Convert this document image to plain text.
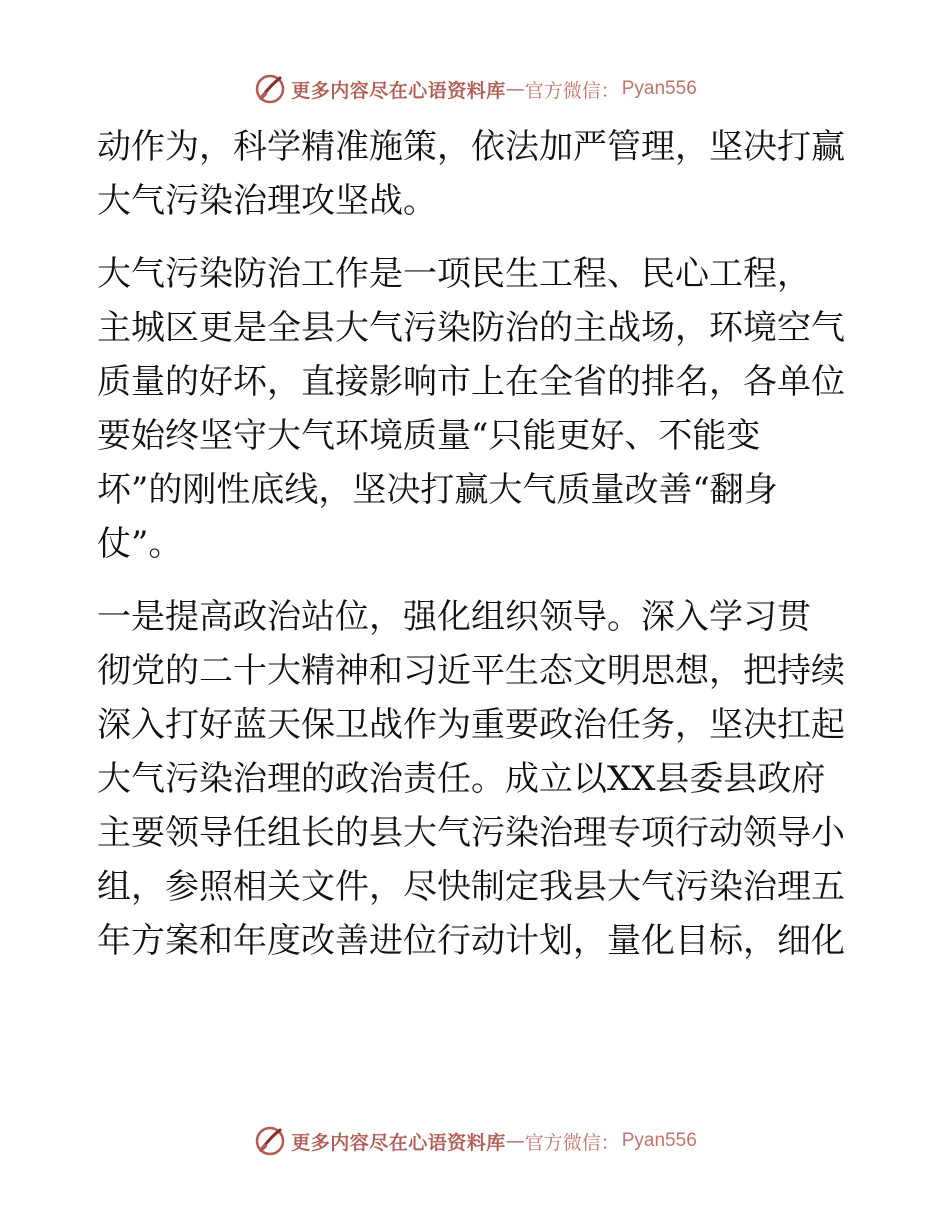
更多内容尽在心语资料库 — 官方微信： Pyan556
动作为，科学精准施策，依法加严管理，坚决打赢
大气污染治理攻坚战。
大气污染防治工作是一项民生工程、民心工程，
主城区更是全县大气污染防治的主战场，环境空气
质量的好坏，直接影响市上在全省的排名，各单位
要始终坚守大气环境质量“只能更好、不能变
坏”的刚性底线，坚决打赢大气质量改善“翻身
仗”。
一是提高政治站位，强化组织领导。深入学习贯
彻党的二十大精神和习近平生态文明思想，把持续
深入打好蓝天保卫战作为重要政治任务，坚决扛起
大气污染治理的政治责任。成立以XX县委县政府
主要领导任组长的县大气污染治理专项行动领导小
组，参照相关文件，尽快制定我县大气污染治理五
年方案和年度改善进位行动计划，量化目标，细化
更多内容尽在心语资料库 — 官方微信： Pyan556
